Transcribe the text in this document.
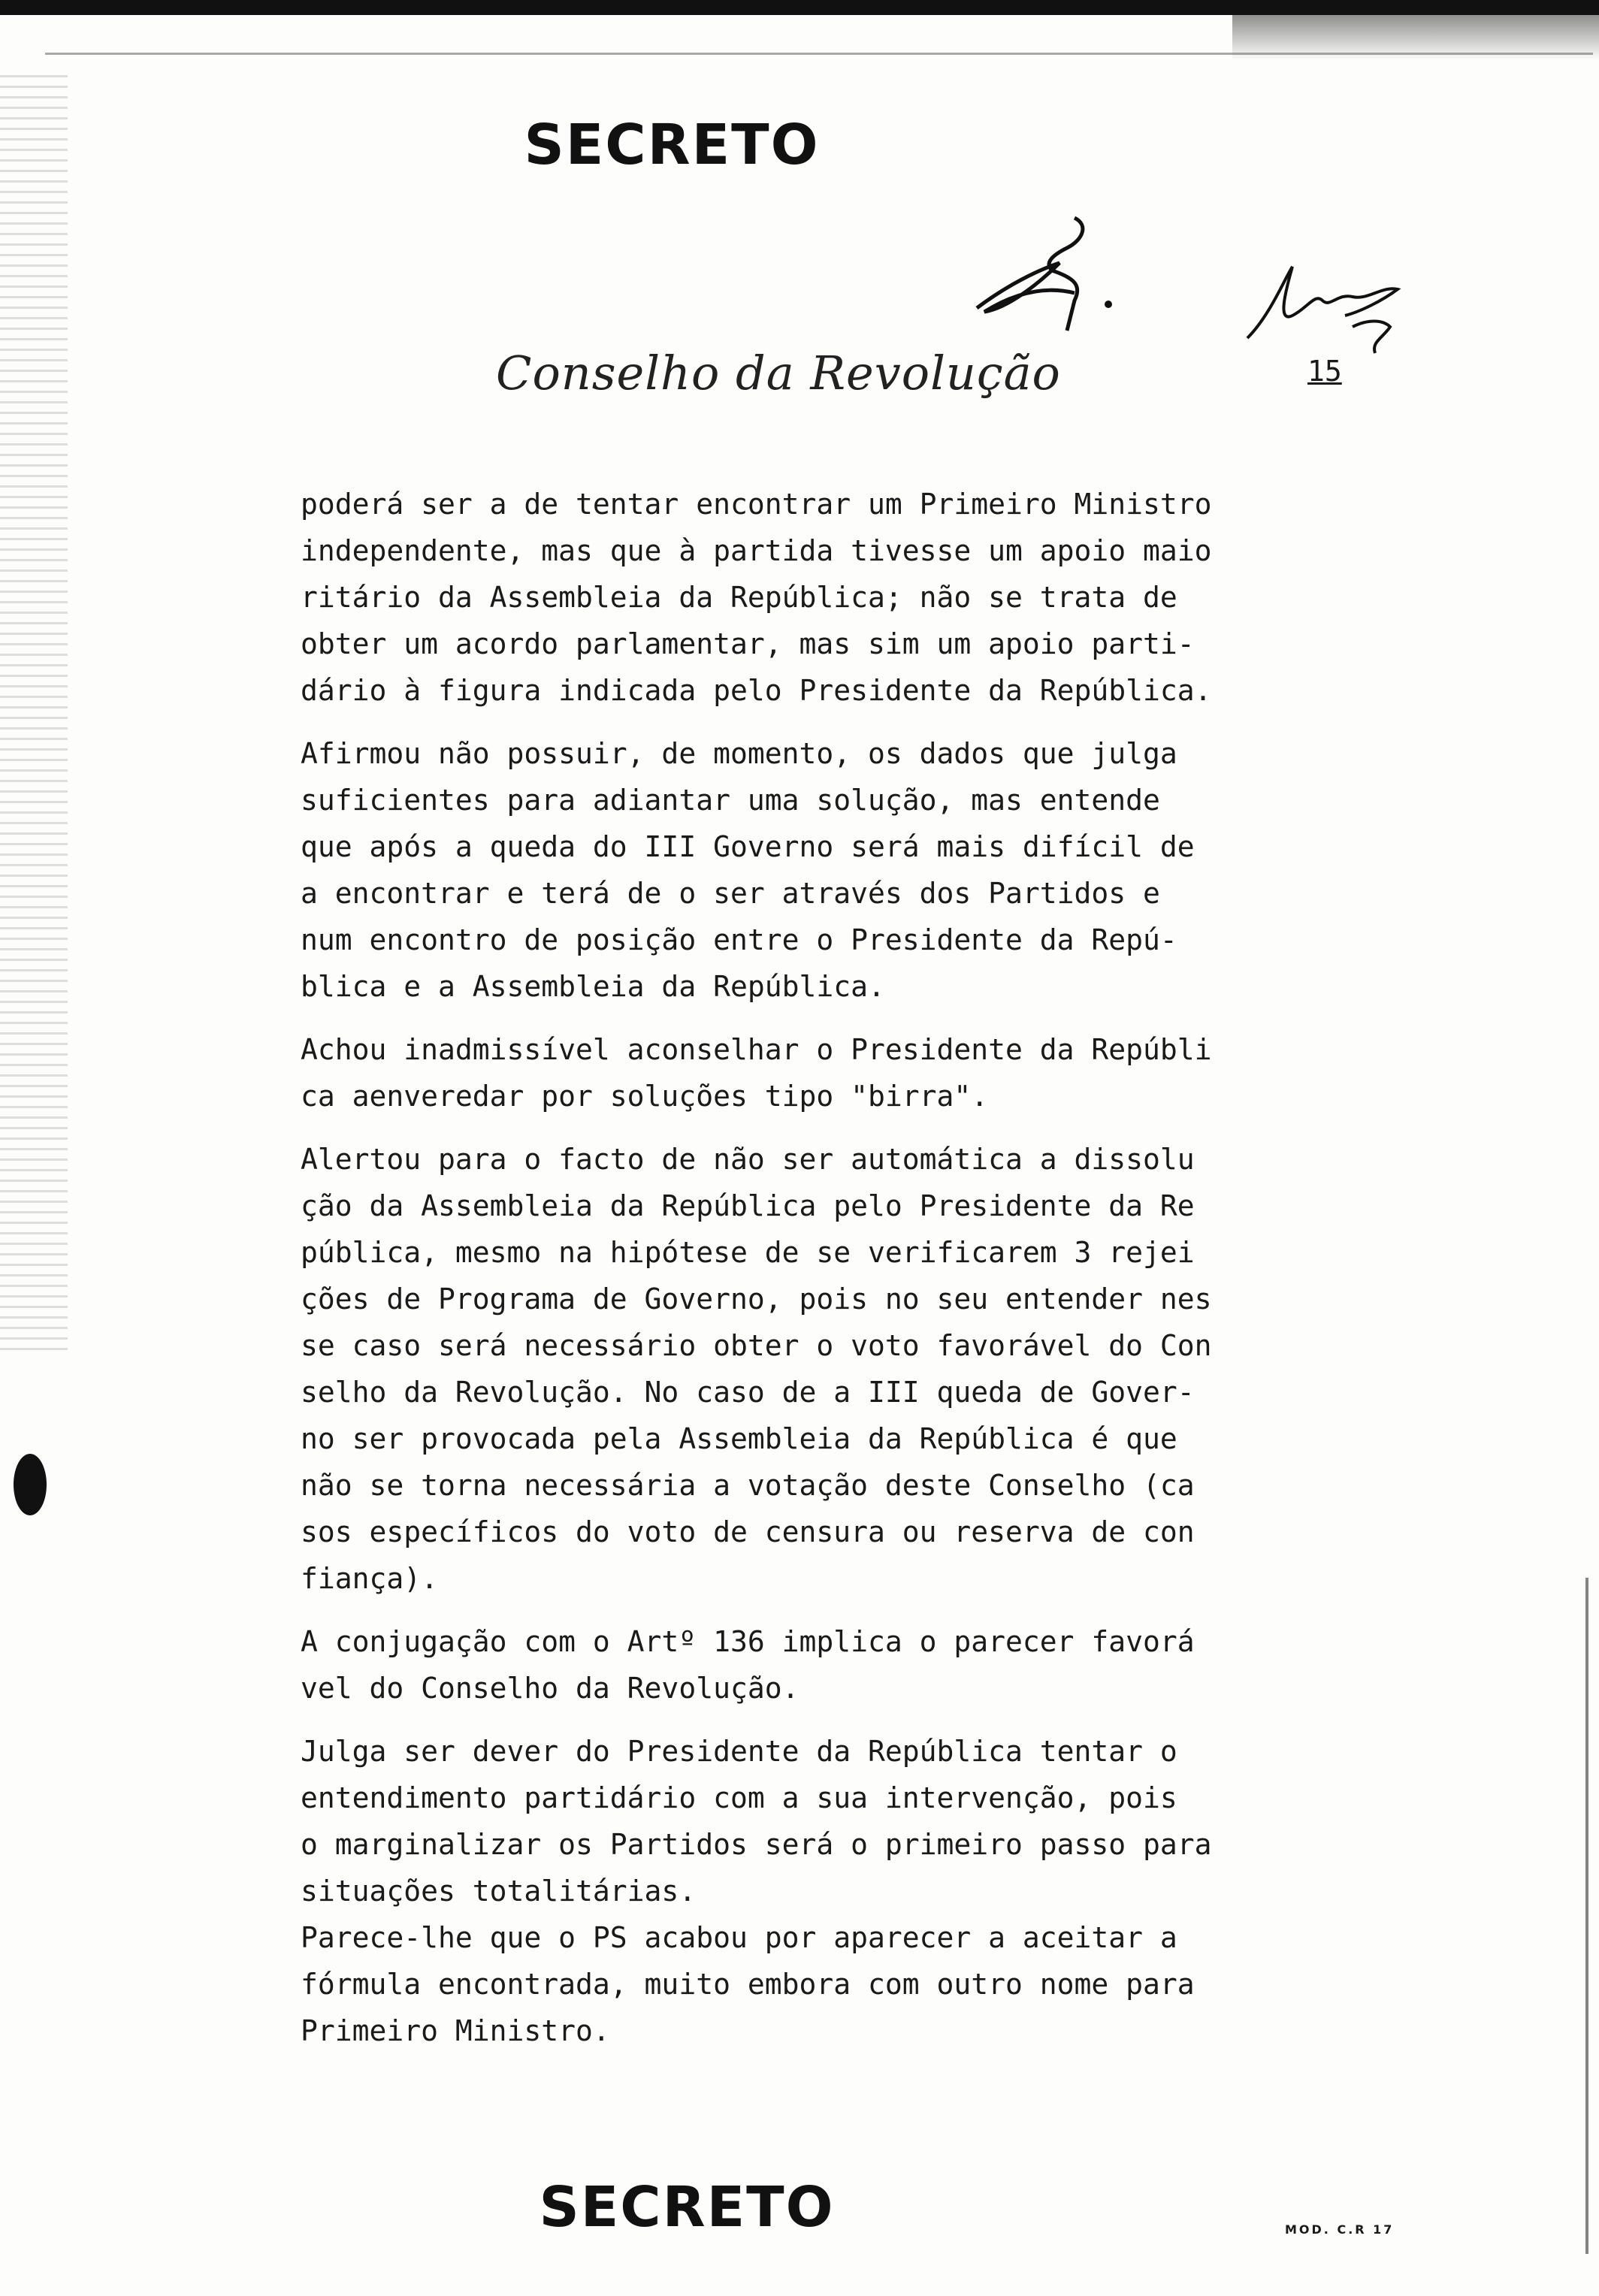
SECRETO
Conselho da Revolução	15

poderá ser a de tentar encontrar um Primeiro Ministro
independente, mas que à partida tivesse um apoio maio
ritário da Assembleia da República; não se trata de
obter um acordo parlamentar, mas sim um apoio parti-
dário à figura indicada pelo Presidente da República.

Afirmou não possuir, de momento, os dados que julga
suficientes para adiantar uma solução, mas entende
que após a queda do III Governo será mais difícil de
a encontrar e terá de o ser através dos Partidos e
num encontro de posição entre o Presidente da Repú-
blica e a Assembleia da República.

Achou inadmissível aconselhar o Presidente da Repúbli
ca aenveredar por soluções tipo "birra".

Alertou para o facto de não ser automática a dissolu
ção da Assembleia da República pelo Presidente da Re
pública, mesmo na hipótese de se verificarem 3 rejei
ções de Programa de Governo, pois no seu entender nes
se caso será necessário obter o voto favorável do Con
selho da Revolução. No caso de a III queda de Gover-
no ser provocada pela Assembleia da República é que
não se torna necessária a votação deste Conselho (ca
sos específicos do voto de censura ou reserva de con
fiança).

A conjugação com o Artº 136 implica o parecer favorá
vel do Conselho da Revolução.

Julga ser dever do Presidente da República tentar o
entendimento partidário com a sua intervenção, pois
o marginalizar os Partidos será o primeiro passo para
situações totalitárias.

Parece-lhe que o PS acabou por aparecer a aceitar a
fórmula encontrada, muito embora com outro nome para
Primeiro Ministro.

SECRETO	MOD. C.R 17
